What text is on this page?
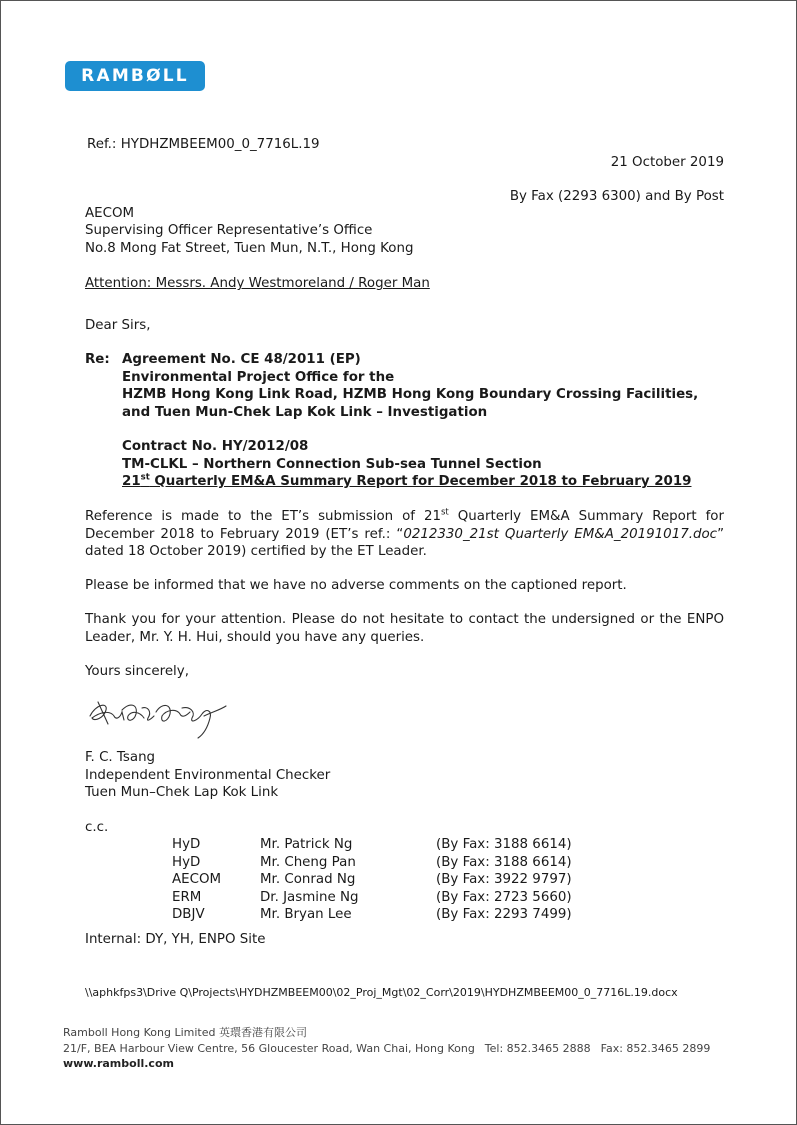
RAMBØLL
Ref.: HYDHZMBEEM00_0_7716L.19
21 October 2019
By Fax (2293 6300) and By Post
AECOM
Supervising Officer Representative’s Office
No.8 Mong Fat Street, Tuen Mun, N.T., Hong Kong
Attention: Messrs. Andy Westmoreland / Roger Man
Dear Sirs,
Re: Agreement No. CE 48/2011 (EP)
Environmental Project Office for the
HZMB Hong Kong Link Road, HZMB Hong Kong Boundary Crossing Facilities,
and Tuen Mun-Chek Lap Kok Link – Investigation
Contract No. HY/2012/08
TM-CLKL – Northern Connection Sub-sea Tunnel Section
21st Quarterly EM&A Summary Report for December 2018 to February 2019
Reference is made to the ET’s submission of 21st Quarterly EM&A Summary Report for December 2018 to February 2019 (ET’s ref.: “0212330_21st Quarterly EM&A_20191017.doc” dated 18 October 2019) certified by the ET Leader.
Please be informed that we have no adverse comments on the captioned report.
Thank you for your attention. Please do not hesitate to contact the undersigned or the ENPO Leader, Mr. Y. H. Hui, should you have any queries.
Yours sincerely,
F. C. Tsang
Independent Environmental Checker
Tuen Mun–Chek Lap Kok Link
c.c.
HyD
HyD
AECOM
ERM
DBJV
Mr. Patrick Ng
Mr. Cheng Pan
Mr. Conrad Ng
Dr. Jasmine Ng
Mr. Bryan Lee
(By Fax: 3188 6614)
(By Fax: 3188 6614)
(By Fax: 3922 9797)
(By Fax: 2723 5660)
(By Fax: 2293 7499)
Internal: DY, YH, ENPO Site
\\aphkfps3\Drive Q\Projects\HYDHZMBEEM00\02_Proj_Mgt\02_Corr\2019\HYDHZMBEEM00_0_7716L.19.docx
Ramboll Hong Kong Limited 英環香港有限公司
21/F, BEA Harbour View Centre, 56 Gloucester Road, Wan Chai, Hong Kong Tel: 852.3465 2888 Fax: 852.3465 2899
www.ramboll.com
